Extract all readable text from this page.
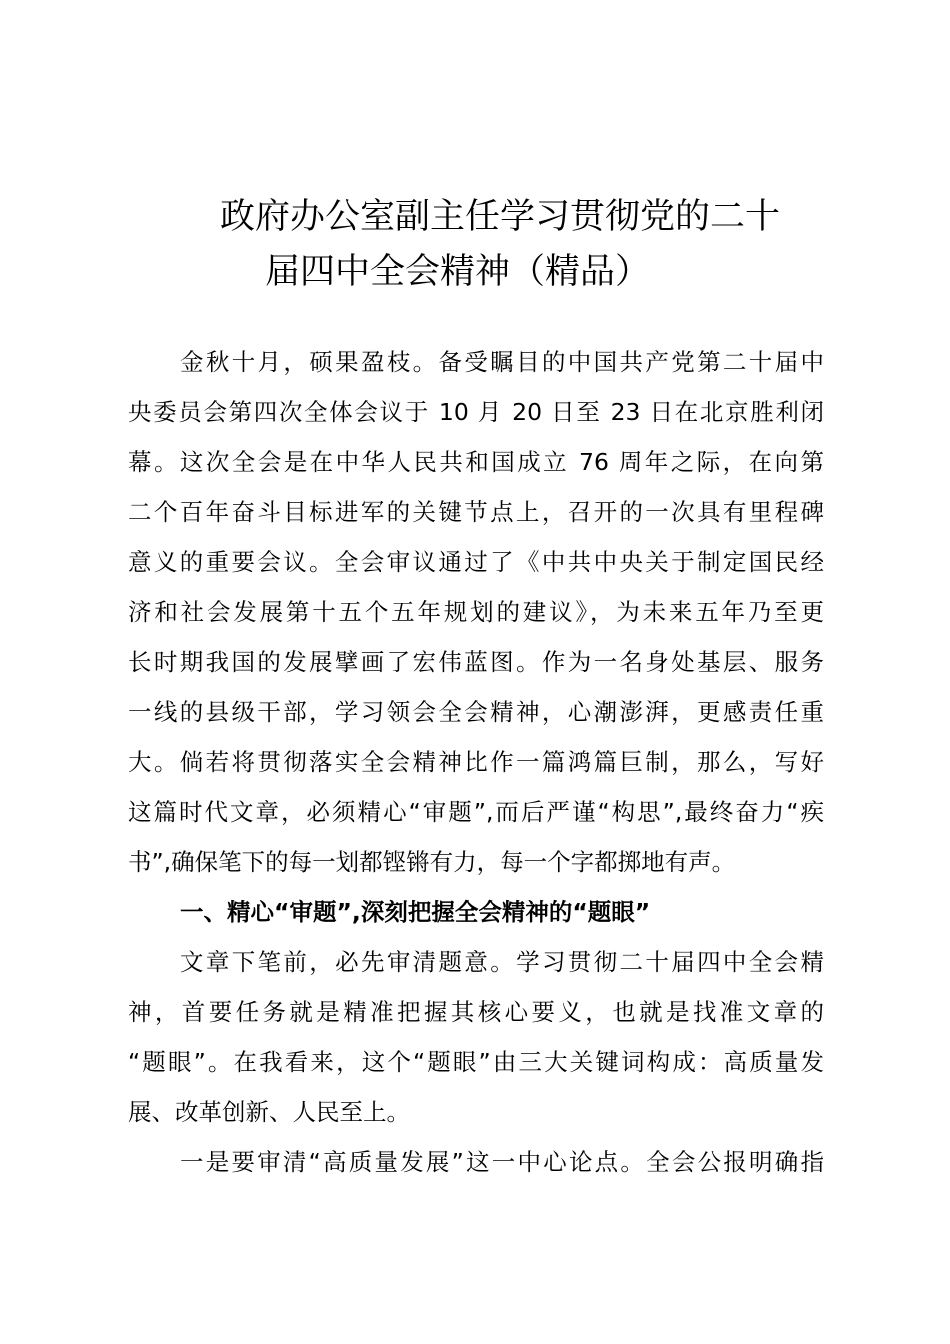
政府办公室副主任学习贯彻党的二十
届四中全会精神（精品）
金秋十月，硕果盈枝。备受瞩目的中国共产党第二十届中
央委员会第四次全体会议于 10 月 20 日至 23 日在北京胜利闭
幕。这次全会是在中华人民共和国成立 76 周年之际，在向第
二个百年奋斗目标进军的关键节点上，召开的一次具有里程碑
意义的重要会议。全会审议通过了《中共中央关于制定国民经
济和社会发展第十五个五年规划的建议》，为未来五年乃至更
长时期我国的发展擘画了宏伟蓝图。作为一名身处基层、服务
一线的县级干部，学习领会全会精神，心潮澎湃，更感责任重
大。倘若将贯彻落实全会精神比作一篇鸿篇巨制，那么，写好
这篇时代文章，必须精心“审题”,而后严谨“构思”,最终奋力“疾
书”,确保笔下的每一划都铿锵有力，每一个字都掷地有声。
一、精心“审题”,深刻把握全会精神的“题眼”
文章下笔前，必先审清题意。学习贯彻二十届四中全会精
神，首要任务就是精准把握其核心要义，也就是找准文章的
“题眼”。在我看来，这个“题眼”由三大关键词构成：高质量发
展、改革创新、人民至上。
一是要审清“高质量发展”这一中心论点。全会公报明确指
